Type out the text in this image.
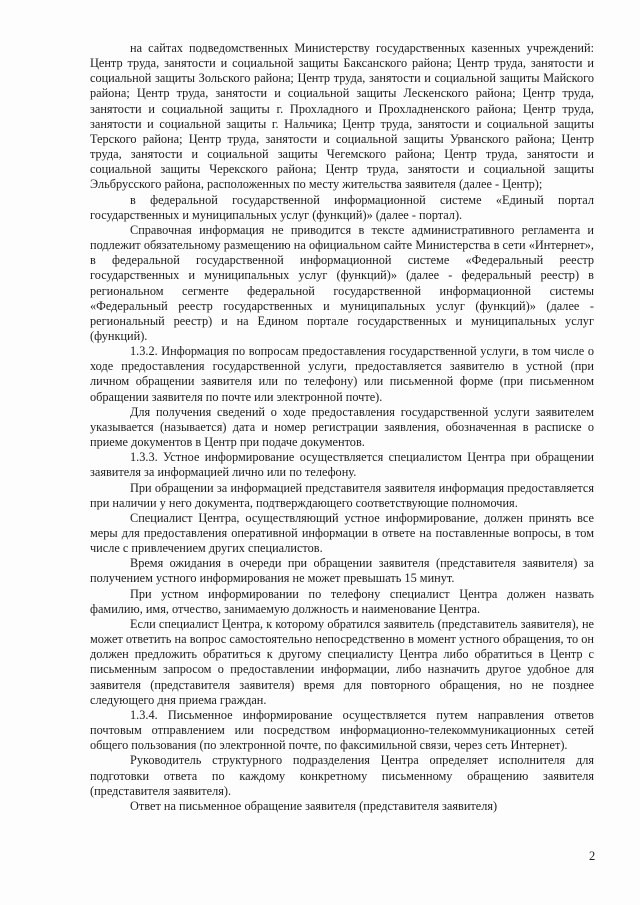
на сайтах подведомственных Министерству государственных казенных учреждений: Центр труда, занятости и социальной защиты Баксанского района; Центр труда, занятости и социальной защиты Зольского района; Центр труда, занятости и социальной защиты Майского района; Центр труда, занятости и социальной защиты Лескенского района; Центр труда, занятости и социальной защиты г. Прохладного и Прохладненского района; Центр труда, занятости и социальной защиты г. Нальчика; Центр труда, занятости и социальной защиты Терского района; Центр труда, занятости и социальной защиты Урванского района; Центр труда, занятости и социальной защиты Чегемского района; Центр труда, занятости и социальной защиты Черекского района; Центр труда, занятости и социальной защиты Эльбрусского района, расположенных по месту жительства заявителя (далее - Центр);

в федеральной государственной информационной системе «Единый портал государственных и муниципальных услуг (функций)» (далее - портал).

Справочная информация не приводится в тексте административного регламента и подлежит обязательному размещению на официальном сайте Министерства в сети «Интернет», в федеральной государственной информационной системе «Федеральный реестр государственных и муниципальных услуг (функций)» (далее - федеральный реестр) в региональном сегменте федеральной государственной информационной системы «Федеральный реестр государственных и муниципальных услуг (функций)» (далее - региональный реестр) и на Едином портале государственных и муниципальных услуг (функций).

1.3.2. Информация по вопросам предоставления государственной услуги, в том числе о ходе предоставления государственной услуги, предоставляется заявителю в устной (при личном обращении заявителя или по телефону) или письменной форме (при письменном обращении заявителя по почте или электронной почте).

Для получения сведений о ходе предоставления государственной услуги заявителем указывается (называется) дата и номер регистрации заявления, обозначенная в расписке о приеме документов в Центр при подаче документов.

1.3.3. Устное информирование осуществляется специалистом Центра при обращении заявителя за информацией лично или по телефону.

При обращении за информацией представителя заявителя информация предоставляется при наличии у него документа, подтверждающего соответствующие полномочия.

Специалист Центра, осуществляющий устное информирование, должен принять все меры для предоставления оперативной информации в ответе на поставленные вопросы, в том числе с привлечением других специалистов.

Время ожидания в очереди при обращении заявителя (представителя заявителя) за получением устного информирования не может превышать 15 минут.

При устном информировании по телефону специалист Центра должен назвать фамилию, имя, отчество, занимаемую должность и наименование Центра.

Если специалист Центра, к которому обратился заявитель (представитель заявителя), не может ответить на вопрос самостоятельно непосредственно в момент устного обращения, то он должен предложить обратиться к другому специалисту Центра либо обратиться в Центр с письменным запросом о предоставлении информации, либо назначить другое удобное для заявителя (представителя заявителя) время для повторного обращения, но не позднее следующего дня приема граждан.

1.3.4. Письменное информирование осуществляется путем направления ответов почтовым отправлением или посредством информационно-телекоммуникационных сетей общего пользования (по электронной почте, по факсимильной связи, через сеть Интернет).

Руководитель структурного подразделения Центра определяет исполнителя для подготовки ответа по каждому конкретному письменному обращению заявителя (представителя заявителя).

Ответ на письменное обращение заявителя (представителя заявителя)

2
